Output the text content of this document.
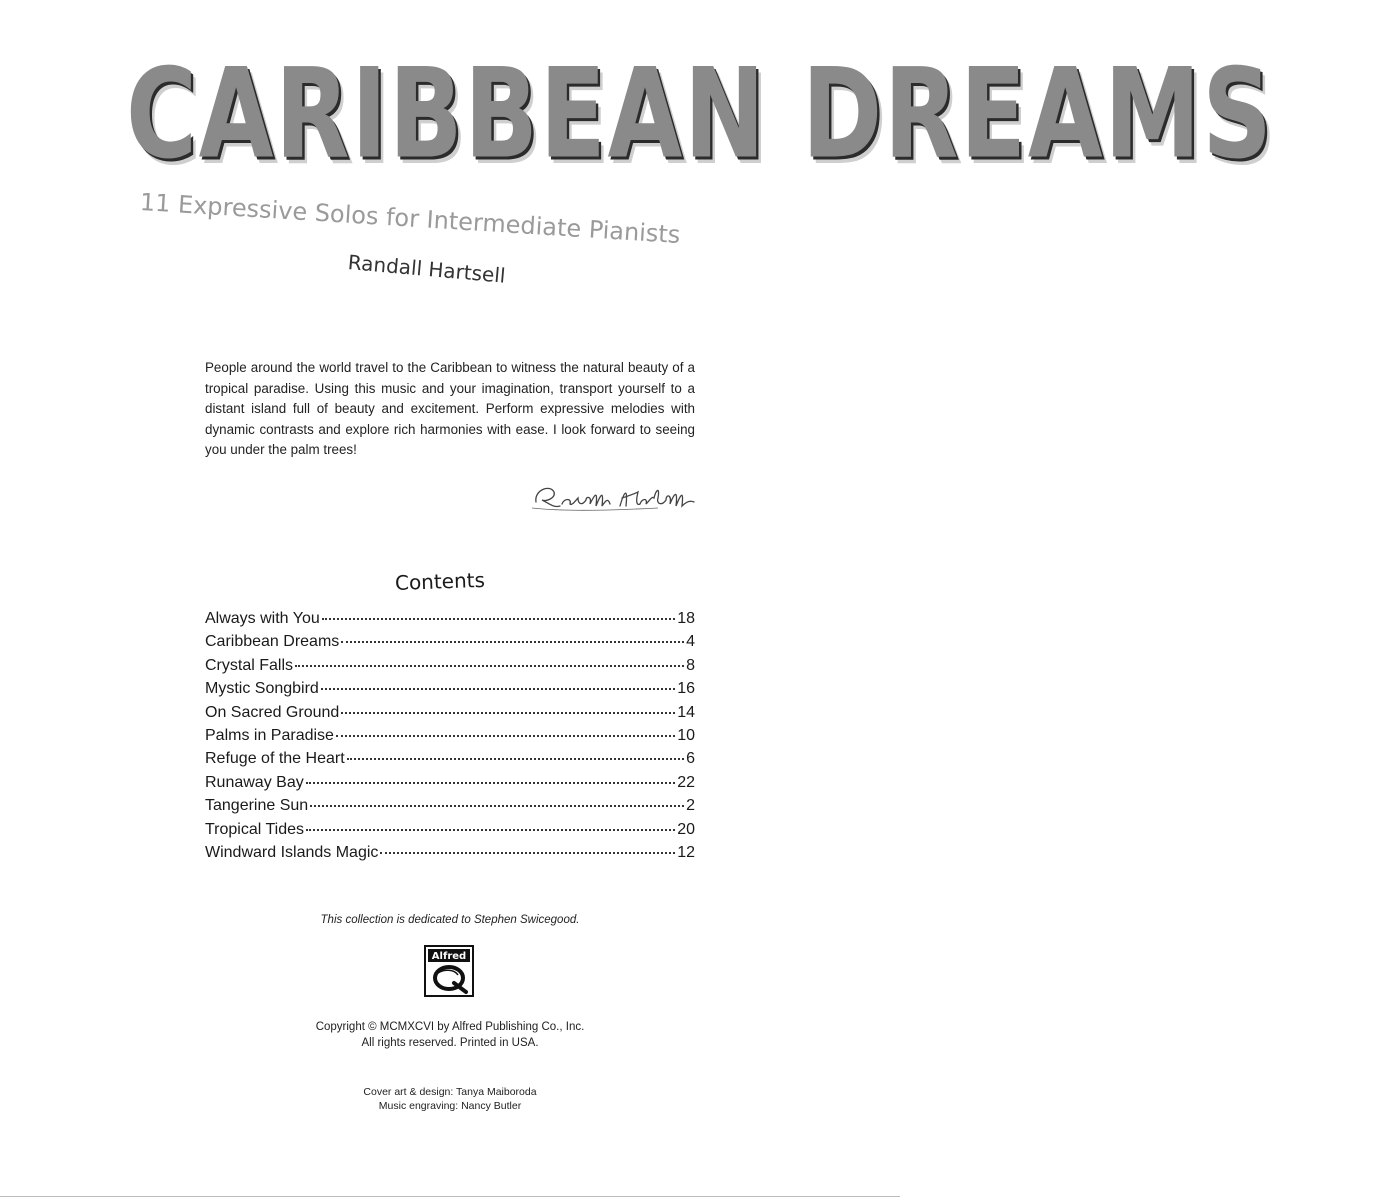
CARIBBEAN DREAMS
11 Expressive Solos for Intermediate Pianists
Randall Hartsell

People around the world travel to the Caribbean to witness the natural beauty of a tropical paradise. Using this music and your imagination, transport yourself to a distant island full of beauty and excitement. Perform expressive melodies with dynamic contrasts and explore rich harmonies with ease. I look forward to seeing you under the palm trees!

Contents
Always with You	18
Caribbean Dreams	4
Crystal Falls	8
Mystic Songbird	16
On Sacred Ground	14
Palms in Paradise	10
Refuge of the Heart	6
Runaway Bay	22
Tangerine Sun	2
Tropical Tides	20
Windward Islands Magic	12
This collection is dedicated to Stephen Swicegood.
Alfred
Copyright © MCMXCVI by Alfred Publishing Co., Inc.
All rights reserved. Printed in USA.
Cover art & design: Tanya Maiboroda
Music engraving: Nancy Butler
